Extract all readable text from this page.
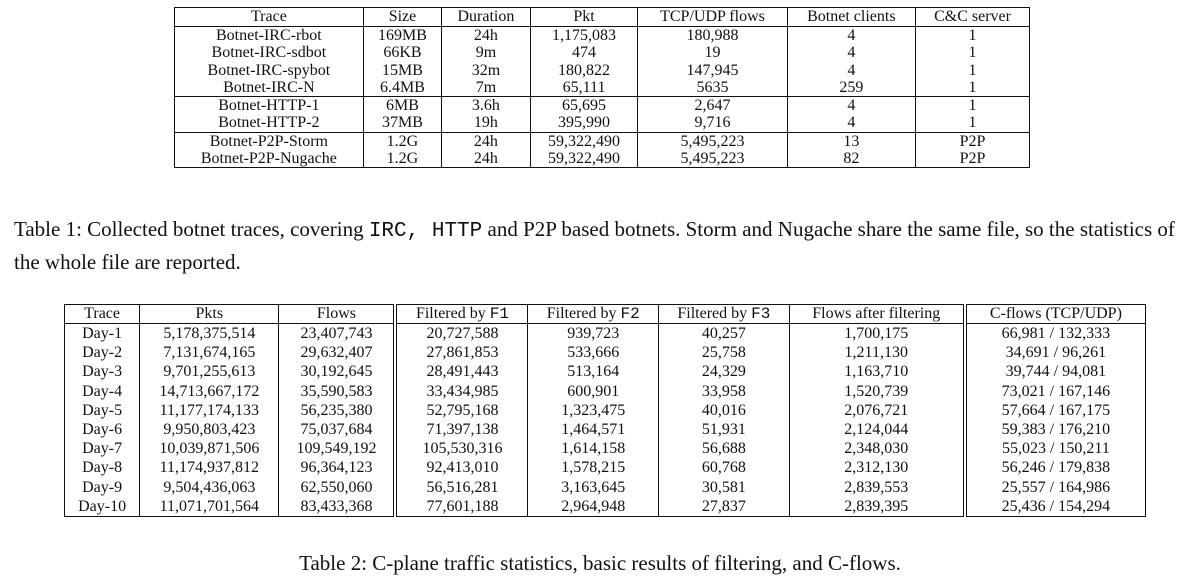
Trace	Size	Duration	Pkt	TCP/UDP flows	Botnet clients	C&C server
Botnet-IRC-rbot	169MB	24h	1,175,083	180,988	4	1
Botnet-IRC-sdbot	66KB	9m	474	19	4	1
Botnet-IRC-spybot	15MB	32m	180,822	147,945	4	1
Botnet-IRC-N	6.4MB	7m	65,111	5635	259	1
Botnet-HTTP-1	6MB	3.6h	65,695	2,647	4	1
Botnet-HTTP-2	37MB	19h	395,990	9,716	4	1
Botnet-P2P-Storm	1.2G	24h	59,322,490	5,495,223	13	P2P
Botnet-P2P-Nugache	1.2G	24h	59,322,490	5,495,223	82	P2P
Table 1: Collected botnet traces, covering IRC, HTTP and P2P based botnets. Storm and Nugache share the same file, so the statistics of the whole file are reported.
Trace	Pkts	Flows	Filtered by F1	Filtered by F2	Filtered by F3	Flows after filtering	C-flows (TCP/UDP)
Day-1	5,178,375,514	23,407,743	20,727,588	939,723	40,257	1,700,175	66,981 / 132,333
Day-2	7,131,674,165	29,632,407	27,861,853	533,666	25,758	1,211,130	34,691 / 96,261
Day-3	9,701,255,613	30,192,645	28,491,443	513,164	24,329	1,163,710	39,744 / 94,081
Day-4	14,713,667,172	35,590,583	33,434,985	600,901	33,958	1,520,739	73,021 / 167,146
Day-5	11,177,174,133	56,235,380	52,795,168	1,323,475	40,016	2,076,721	57,664 / 167,175
Day-6	9,950,803,423	75,037,684	71,397,138	1,464,571	51,931	2,124,044	59,383 / 176,210
Day-7	10,039,871,506	109,549,192	105,530,316	1,614,158	56,688	2,348,030	55,023 / 150,211
Day-8	11,174,937,812	96,364,123	92,413,010	1,578,215	60,768	2,312,130	56,246 / 179,838
Day-9	9,504,436,063	62,550,060	56,516,281	3,163,645	30,581	2,839,553	25,557 / 164,986
Day-10	11,071,701,564	83,433,368	77,601,188	2,964,948	27,837	2,839,395	25,436 / 154,294
Table 2: C-plane traffic statistics, basic results of filtering, and C-flows.
